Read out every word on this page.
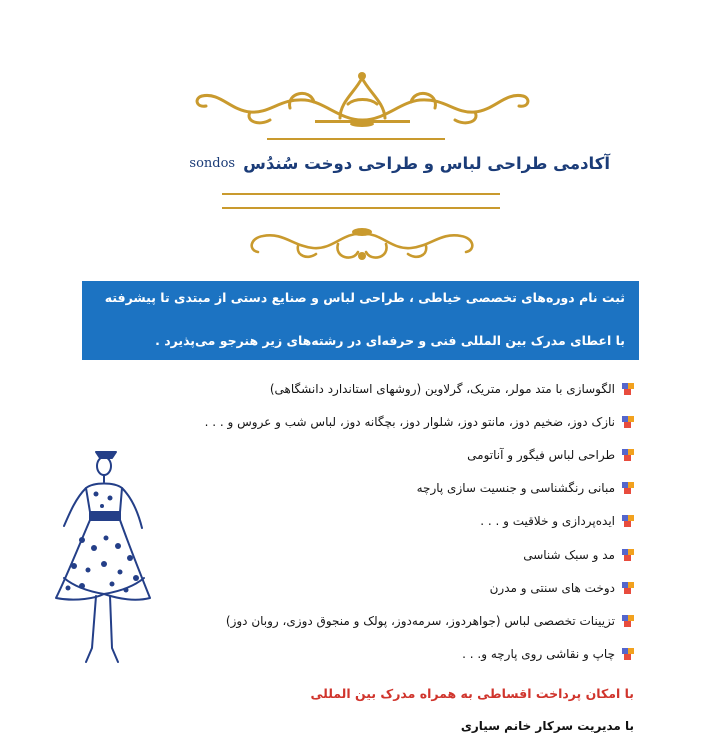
آکادمی طراحی لباس و طراحی دوخت سُندُس
sondos
ثبت نام دوره‌های تخصصی خیاطی ، طراحی لباس و صنایع دستی از مبتدی تا پیشرفته
با اعطای مدرک بین المللی فنی و حرفه‌ای در رشته‌های زیر هنرجو می‌پذیرد .
الگوسازی با متد مولر، متریک، گرلاوین (روشهای استاندارد دانشگاهی)
نازک دوز، ضخیم دوز، مانتو دوز، شلوار دوز، بچگانه دوز، لباس شب و عروس و . . .
طراحی لباس فیگور و آناتومی
مبانی رنگشناسی و جنسیت سازی پارچه
ایده‌پردازی و خلاقیت و . . .
مد و سبک شناسی
دوخت های سنتی و مدرن
تزیینات تخصصی لباس (جواهردوز، سرمه‌دوز، پولک و منجوق دوزی، روبان دوز)
چاپ و نقاشی روی پارچه و. . .
با امکان پرداخت اقساطی به همراه مدرک بین المللی
با مدیریت سرکار خانم سیاری
